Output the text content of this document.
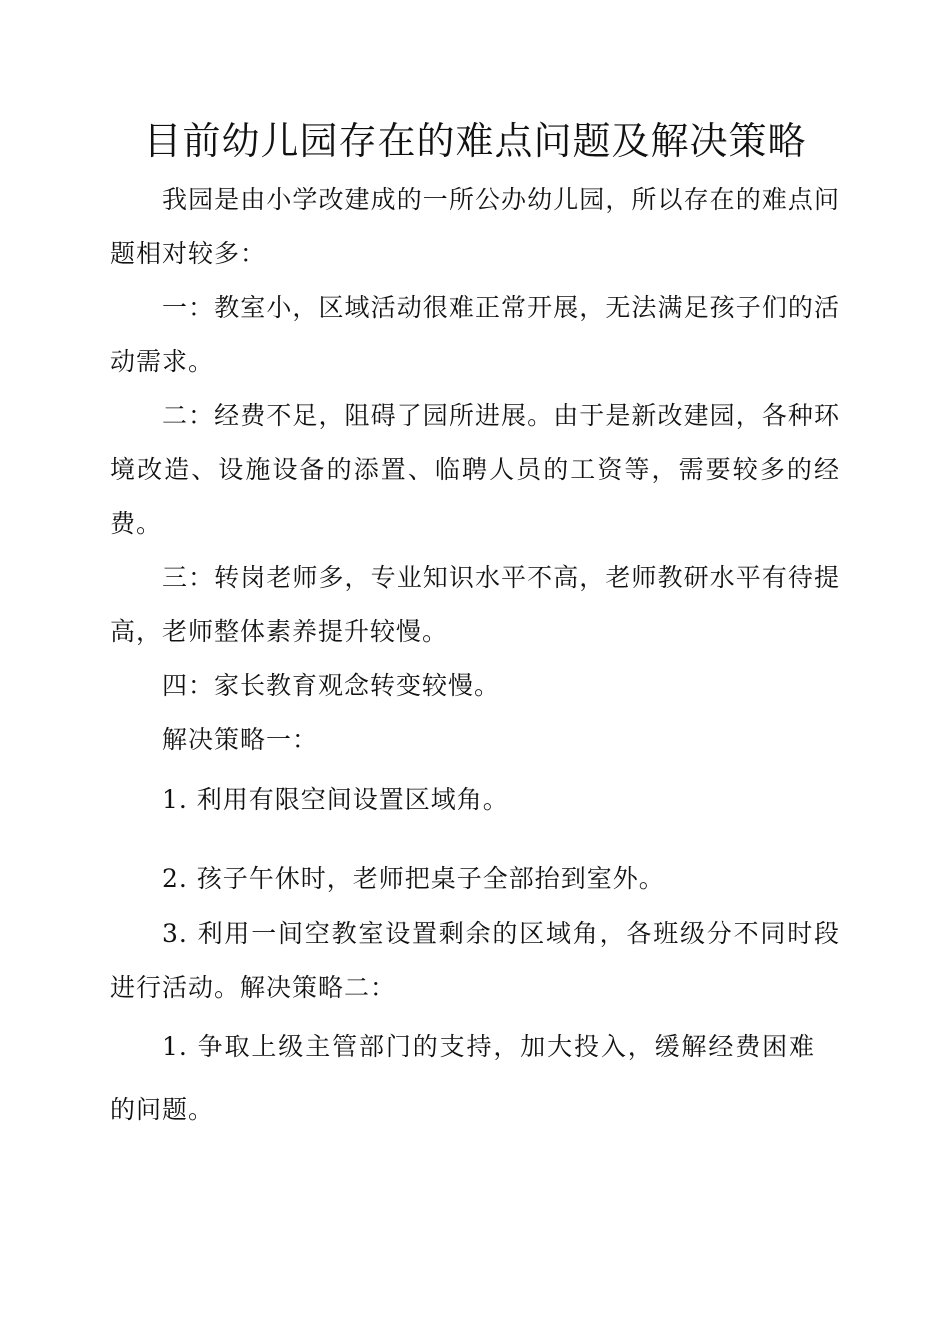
目前幼儿园存在的难点问题及解决策略

我园是由小学改建成的一所公办幼儿园，所以存在的难点问题相对较多：

一：教室小，区域活动很难正常开展，无法满足孩子们的活动需求。

二：经费不足，阻碍了园所进展。由于是新改建园，各种环境改造、设施设备的添置、临聘人员的工资等，需要较多的经费。

三：转岗老师多，专业知识水平不高，老师教研水平有待提高，老师整体素养提升较慢。

四：家长教育观念转变较慢。

解决策略一：

1. 利用有限空间设置区域角。

2. 孩子午休时，老师把桌子全部抬到室外。

3. 利用一间空教室设置剩余的区域角，各班级分不同时段进行活动。解决策略二：

1. 争取上级主管部门的支持，加大投入，缓解经费困难的问题。
